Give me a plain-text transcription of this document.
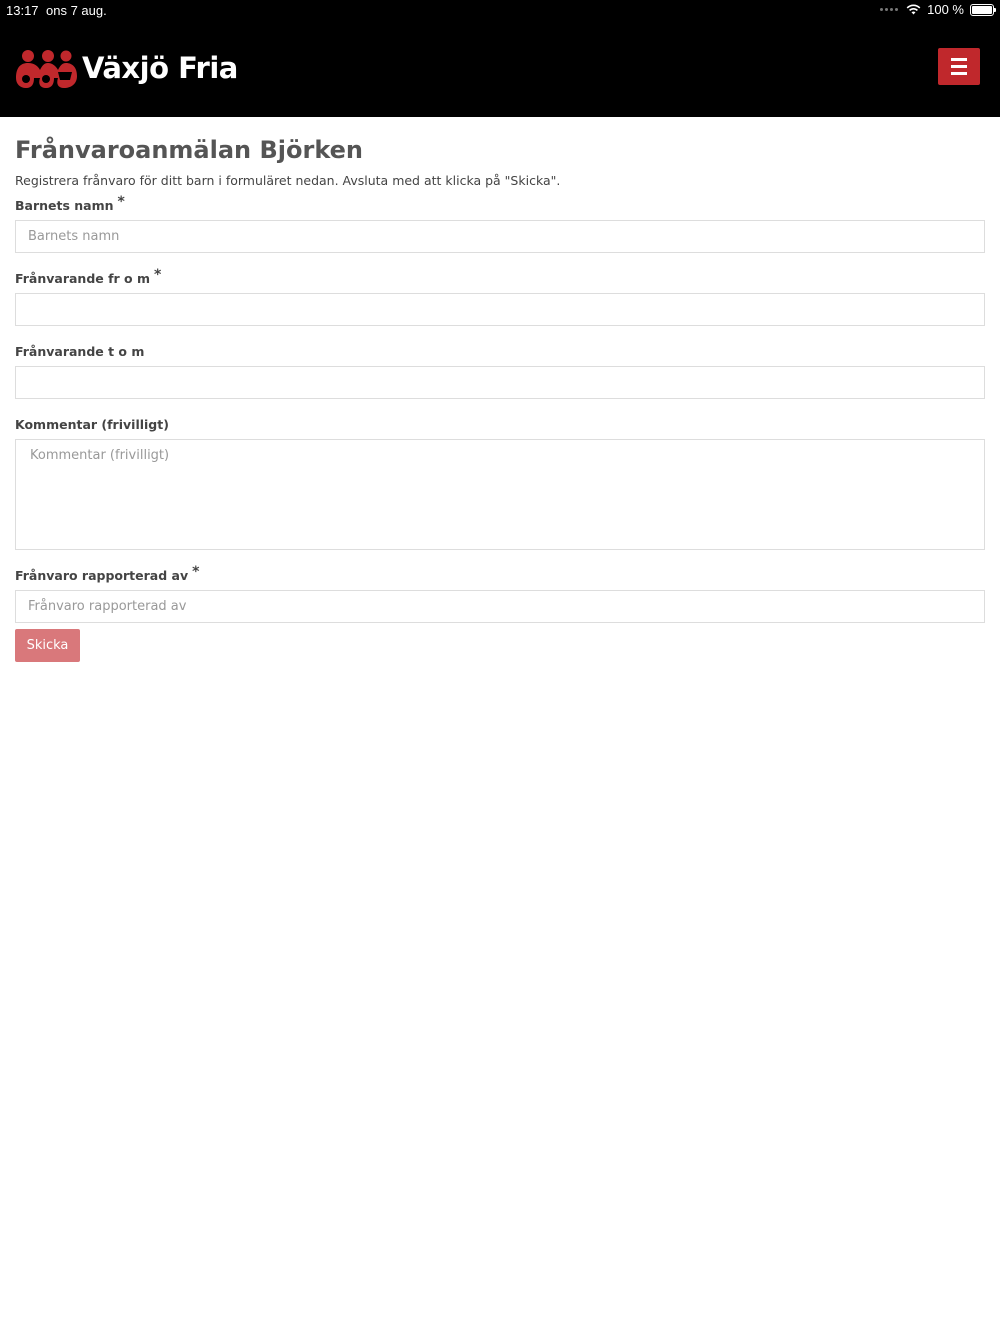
13:17 ons 7 aug.	100 %
Växjö Fria
Frånvaroanmälan Björken
Registrera frånvaro för ditt barn i formuläret nedan. Avsluta med att klicka på "Skicka".
Barnets namn *
Barnets namn
Frånvarande fr o m *
Frånvarande t o m
Kommentar (frivilligt)
Kommentar (frivilligt)
Frånvaro rapporterad av *
Frånvaro rapporterad av
Skicka
